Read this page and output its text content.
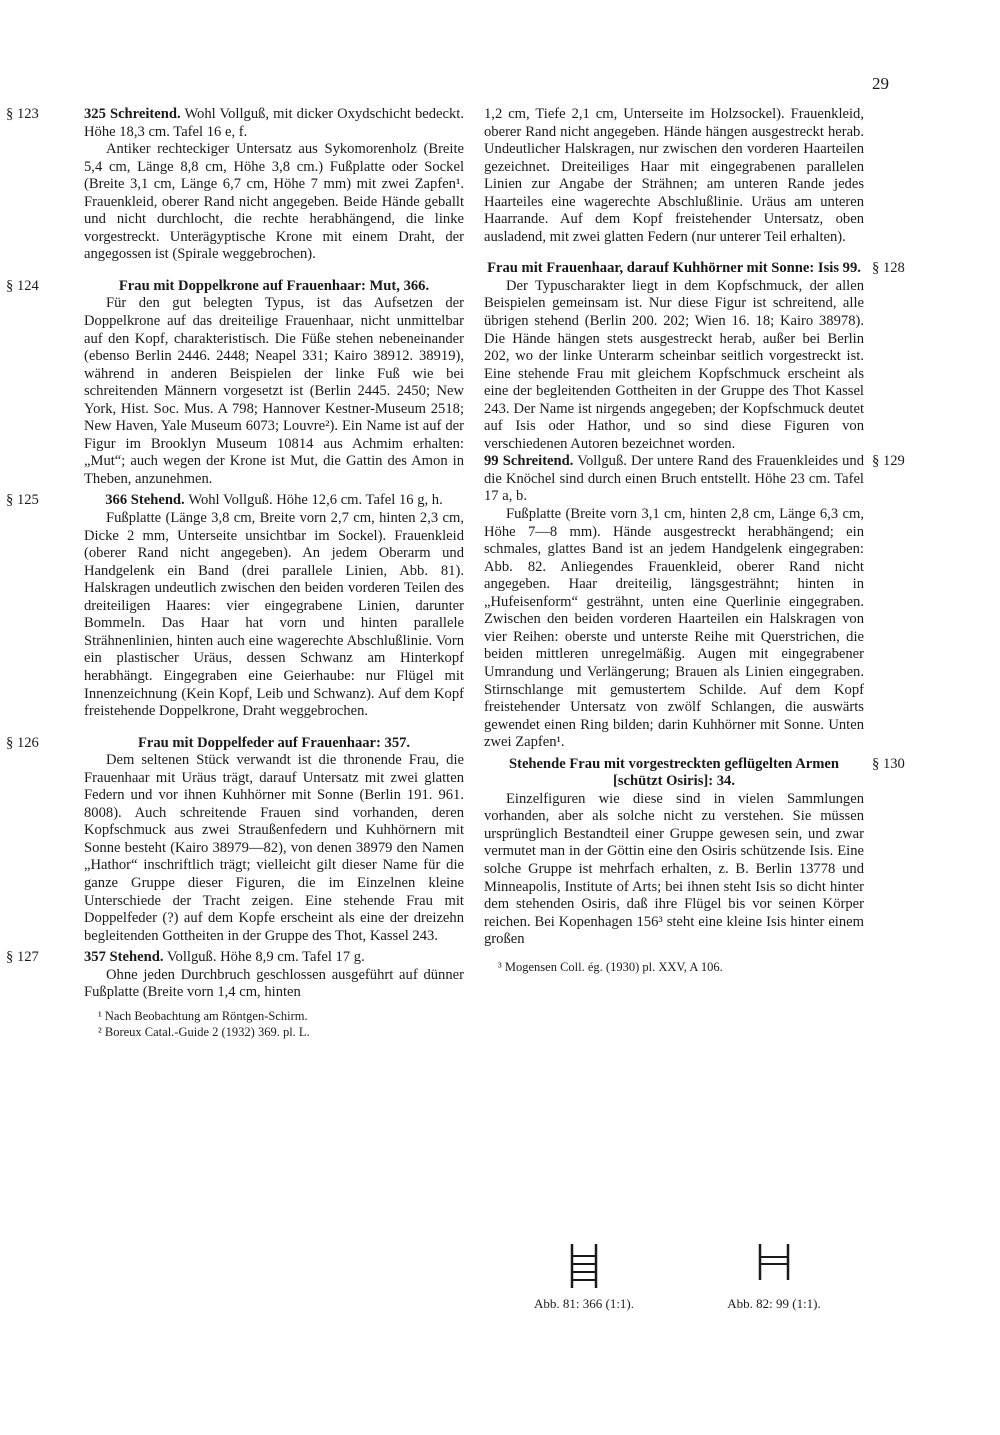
29

§ 123	325 Schreitend. Wohl Vollguß, mit dicker Oxydschicht bedeckt. Höhe 18,3 cm. Tafel 16 e, f.

Antiker rechteckiger Untersatz aus Sykomorenholz (Breite 5,4 cm, Länge 8,8 cm, Höhe 3,8 cm.) Fußplatte oder Sockel (Breite 3,1 cm, Länge 6,7 cm, Höhe 7 mm) mit zwei Zapfen¹. Frauenkleid, oberer Rand nicht angegeben. Beide Hände geballt und nicht durchlocht, die rechte herabhängend, die linke vorgestreckt. Unterägyptische Krone mit einem Draht, der angegossen ist (Spirale weggebrochen).

§ 124	Frau mit Doppelkrone auf Frauenhaar: Mut, 366.

Für den gut belegten Typus, ist das Aufsetzen der Doppelkrone auf das dreiteilige Frauenhaar, nicht unmittelbar auf den Kopf, charakteristisch. Die Füße stehen nebeneinander (ebenso Berlin 2446. 2448; Neapel 331; Kairo 38912. 38919), während in anderen Beispielen der linke Fuß wie bei schreitenden Männern vorgesetzt ist (Berlin 2445. 2450; New York, Hist. Soc. Mus. A 798; Hannover Kestner-Museum 2518; New Haven, Yale Museum 6073; Louvre²). Ein Name ist auf der Figur im Brooklyn Museum 10814 aus Achmim erhalten: „Mut“; auch wegen der Krone ist Mut, die Gattin des Amon in Theben, anzunehmen.

§ 125	366 Stehend. Wohl Vollguß. Höhe 12,6 cm. Tafel 16 g, h.

Fußplatte (Länge 3,8 cm, Breite vorn 2,7 cm, hinten 2,3 cm, Dicke 2 mm, Unterseite unsichtbar im Sockel). Frauenkleid (oberer Rand nicht angegeben). An jedem Oberarm und Handgelenk ein Band (drei parallele Linien, Abb. 81). Halskragen undeutlich zwischen den beiden vorderen Teilen des dreiteiligen Haares: vier eingegrabene Linien, darunter Bommeln. Das Haar hat vorn und hinten parallele Strähnenlinien, hinten auch eine wagerechte Abschlußlinie. Vorn ein plastischer Uräus, dessen Schwanz am Hinterkopf herabhängt. Eingegraben eine Geierhaube: nur Flügel mit Innenzeichnung (Kein Kopf, Leib und Schwanz). Auf dem Kopf freistehende Doppelkrone, Draht weggebrochen.

§ 126	Frau mit Doppelfeder auf Frauenhaar: 357.

Dem seltenen Stück verwandt ist die thronende Frau, die Frauenhaar mit Uräus trägt, darauf Untersatz mit zwei glatten Federn und vor ihnen Kuhhörner mit Sonne (Berlin 191. 961. 8008). Auch schreitende Frauen sind vorhanden, deren Kopfschmuck aus zwei Straußenfedern und Kuhhörnern mit Sonne besteht (Kairo 38979—82), von denen 38979 den Namen „Hathor“ inschriftlich trägt; vielleicht gilt dieser Name für die ganze Gruppe dieser Figuren, die im Einzelnen kleine Unterschiede der Tracht zeigen. Eine stehende Frau mit Doppelfeder (?) auf dem Kopfe erscheint als eine der dreizehn begleitenden Gottheiten in der Gruppe des Thot, Kassel 243.

§ 127	357 Stehend. Vollguß. Höhe 8,9 cm. Tafel 17 g.

Ohne jeden Durchbruch geschlossen ausgeführt auf dünner Fußplatte (Breite vorn 1,4 cm, hinten

¹ Nach Beobachtung am Röntgen-Schirm.

² Boreux Catal.-Guide 2 (1932) 369. pl. L.

1,2 cm, Tiefe 2,1 cm, Unterseite im Holzsockel). Frauenkleid, oberer Rand nicht angegeben. Hände hängen ausgestreckt herab. Undeutlicher Halskragen, nur zwischen den vorderen Haarteilen gezeichnet. Dreiteiliges Haar mit eingegrabenen parallelen Linien zur Angabe der Strähnen; am unteren Rande jedes Haarteiles eine wagerechte Abschlußlinie. Uräus am unteren Haarrande. Auf dem Kopf freistehender Untersatz, oben ausladend, mit zwei glatten Federn (nur unterer Teil erhalten).

§ 128
Frau mit Frauenhaar, darauf Kuhhörner mit Sonne: Isis 99.

Der Typuscharakter liegt in dem Kopfschmuck, der allen Beispielen gemeinsam ist. Nur diese Figur ist schreitend, alle übrigen stehend (Berlin 200. 202; Wien 16. 18; Kairo 38978). Die Hände hängen stets ausgestreckt herab, außer bei Berlin 202, wo der linke Unterarm scheinbar seitlich vorgestreckt ist. Eine stehende Frau mit gleichem Kopfschmuck erscheint als eine der begleitenden Gottheiten in der Gruppe des Thot Kassel 243. Der Name ist nirgends angegeben; der Kopfschmuck deutet auf Isis oder Hathor, und so sind diese Figuren von verschiedenen Autoren bezeichnet worden.

§ 129
99 Schreitend. Vollguß. Der untere Rand des Frauenkleides und die Knöchel sind durch einen Bruch entstellt. Höhe 23 cm. Tafel 17 a, b.

Fußplatte (Breite vorn 3,1 cm, hinten 2,8 cm, Länge 6,3 cm, Höhe 7—8 mm). Hände ausgestreckt herabhängend; ein schmales, glattes Band ist an jedem Handgelenk eingegraben: Abb. 82. Anliegendes Frauenkleid, oberer Rand nicht angegeben. Haar dreiteilig, längsgesträhnt; hinten in „Hufeisenform“ gesträhnt, unten eine Querlinie eingegraben. Zwischen den beiden vorderen Haarteilen ein Halskragen von vier Reihen: oberste und unterste Reihe mit Querstrichen, die beiden mittleren unregelmäßig. Augen mit eingegrabener Umrandung und Verlängerung; Brauen als Linien eingegraben. Stirnschlange mit gemustertem Schilde. Auf dem Kopf freistehender Untersatz von zwölf Schlangen, die auswärts gewendet einen Ring bilden; darin Kuhhörner mit Sonne. Unten zwei Zapfen¹.

§ 130
Stehende Frau mit vorgestreckten geflügelten Armen [schützt Osiris]: 34.

Einzelfiguren wie diese sind in vielen Sammlungen vorhanden, aber als solche nicht zu verstehen. Sie müssen ursprünglich Bestandteil einer Gruppe gewesen sein, und zwar vermutet man in der Göttin eine den Osiris schützende Isis. Eine solche Gruppe ist mehrfach erhalten, z. B. Berlin 13778 und Minneapolis, Institute of Arts; bei ihnen steht Isis so dicht hinter dem stehenden Osiris, daß ihre Flügel bis vor seinen Körper reichen. Bei Kopenhagen 156³ steht eine kleine Isis hinter einem großen

³ Mogensen Coll. ég. (1930) pl. XXV, A 106.

Abb. 81: 366 (1:1).	Abb. 82: 99 (1:1).
